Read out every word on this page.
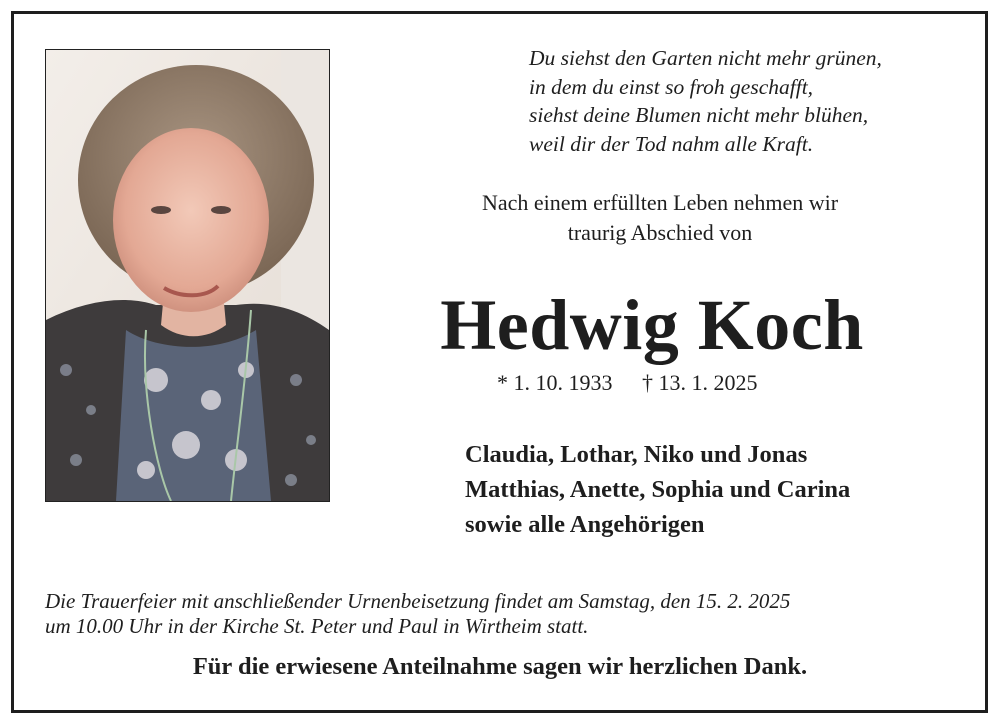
Du siehst den Garten nicht mehr grünen,
in dem du einst so froh geschafft,
siehst deine Blumen nicht mehr blühen,
weil dir der Tod nahm alle Kraft.
Nach einem erfüllten Leben nehmen wir
traurig Abschied von
Hedwig Koch
* 1. 10. 1933 † 13. 1. 2025
Claudia, Lothar, Niko und Jonas
Matthias, Anette, Sophia und Carina
sowie alle Angehörigen
Die Trauerfeier mit anschließender Urnenbeisetzung findet am Samstag, den 15. 2. 2025
um 10.00 Uhr in der Kirche St. Peter und Paul in Wirtheim statt.
Für die erwiesene Anteilnahme sagen wir herzlichen Dank.
